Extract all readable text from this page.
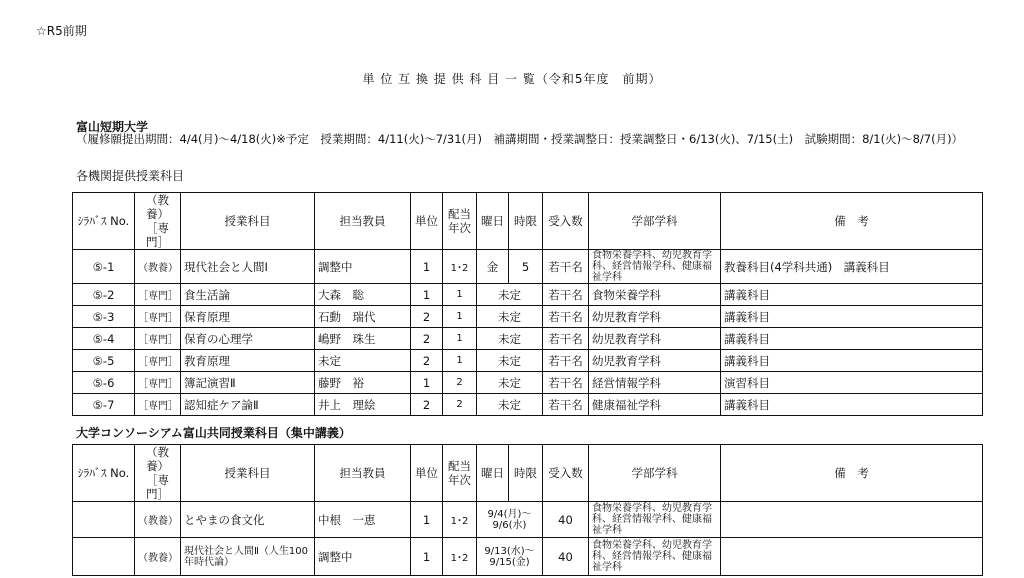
☆R5前期
単 位 互 換 提 供 科 目 一 覧（令和5年度　前期）
富山短期大学
（履修願提出期間：4/4(月)～4/18(火)※予定　授業期間：4/11(火)～7/31(月)　補講期間・授業調整日：授業調整日・6/13(火)、7/15(土)　試験期間：8/1(火)～8/7(月)）
各機関提供授業科目
ｼﾗﾊﾞｽ No.	（教養）［専門］	授業科目	担当教員	単位	配当年次	曜日	時限	受入数	学部学科	備　考
⑤-1	（教養）	現代社会と人間Ⅰ	調整中	1	1･2	金	5	若干名	食物栄養学科、幼児教育学科、経営情報学科、健康福祉学科	教養科目(4学科共通)　講義科目
⑤-2	［専門］	食生活論	大森　聡	1	1	未定		若干名	食物栄養学科	講義科目
⑤-3	［専門］	保育原理	石動　瑞代	2	1	未定		若干名	幼児教育学科	講義科目
⑤-4	［専門］	保育の心理学	嶋野　珠生	2	1	未定		若干名	幼児教育学科	講義科目
⑤-5	［専門］	教育原理	未定	2	1	未定		若干名	幼児教育学科	講義科目
⑤-6	［専門］	簿記演習Ⅱ	藤野　裕	1	2	未定		若干名	経営情報学科	演習科目
⑤-7	［専門］	認知症ケア論Ⅱ	井上　理絵	2	2	未定		若干名	健康福祉学科	講義科目
大学コンソーシアム富山共同授業科目（集中講義）
ｼﾗﾊﾞｽ No.	（教養）［専門］	授業科目	担当教員	単位	配当年次	曜日	時限	受入数	学部学科	備　考
	（教養）	とやまの食文化	中根　一恵	1	1･2	9/4(月)～9/6(水)		40	食物栄養学科、幼児教育学科、経営情報学科、健康福祉学科	
	（教養）	現代社会と人間Ⅱ（人生100年時代論）	調整中	1	1･2	9/13(水)～9/15(金)		40	食物栄養学科、幼児教育学科、経営情報学科、健康福祉学科	
